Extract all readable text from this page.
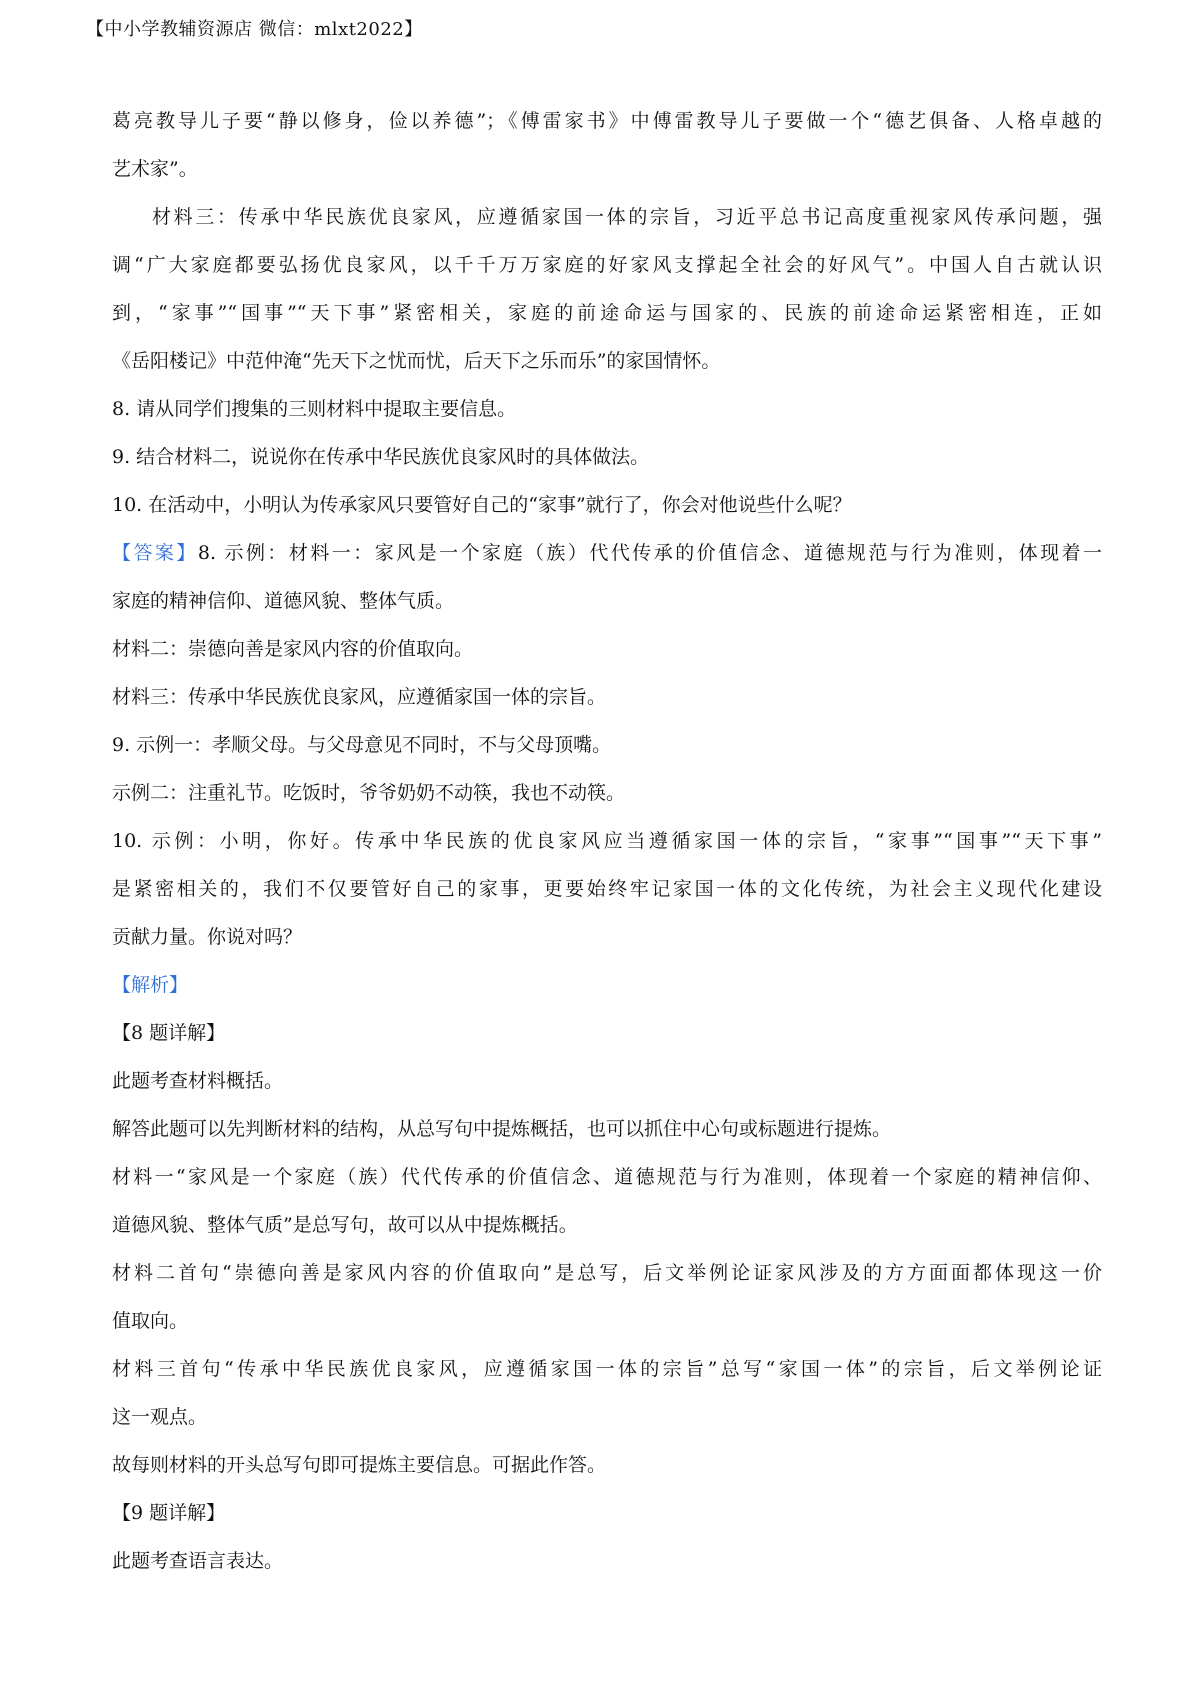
【中小学教辅资源店 微信：mlxt2022】
葛亮教导儿子要“静以修身，俭以养德”；《傅雷家书》中傅雷教导儿子要做一个“德艺俱备、人格卓越的
艺术家”。
材料三：传承中华民族优良家风，应遵循家国一体的宗旨，习近平总书记高度重视家风传承问题，强
调“广大家庭都要弘扬优良家风，以千千万万家庭的好家风支撑起全社会的好风气”。中国人自古就认识
到，“家事”“国事”“天下事”紧密相关，家庭的前途命运与国家的、民族的前途命运紧密相连，正如
《岳阳楼记》中范仲淹“先天下之忧而忧，后天下之乐而乐”的家国情怀。
8. 请从同学们搜集的三则材料中提取主要信息。
9. 结合材料二，说说你在传承中华民族优良家风时的具体做法。
10. 在活动中，小明认为传承家风只要管好自己的“家事”就行了，你会对他说些什么呢？
【答案】8. 示例：材料一：家风是一个家庭（族）代代传承的价值信念、道德规范与行为准则，体现着一
家庭的精神信仰、道德风貌、整体气质。
材料二：崇德向善是家风内容的价值取向。
材料三：传承中华民族优良家风，应遵循家国一体的宗旨。
9. 示例一：孝顺父母。与父母意见不同时，不与父母顶嘴。
示例二：注重礼节。吃饭时，爷爷奶奶不动筷，我也不动筷。
10. 示例：小明，你好。传承中华民族的优良家风应当遵循家国一体的宗旨，“家事”“国事”“天下事”
是紧密相关的，我们不仅要管好自己的家事，更要始终牢记家国一体的文化传统，为社会主义现代化建设
贡献力量。你说对吗？
【解析】
【8 题详解】
此题考查材料概括。
解答此题可以先判断材料的结构，从总写句中提炼概括，也可以抓住中心句或标题进行提炼。
材料一“家风是一个家庭（族）代代传承的价值信念、道德规范与行为准则，体现着一个家庭的精神信仰、
道德风貌、整体气质”是总写句，故可以从中提炼概括。
材料二首句“崇德向善是家风内容的价值取向”是总写，后文举例论证家风涉及的方方面面都体现这一价
值取向。
材料三首句“传承中华民族优良家风，应遵循家国一体的宗旨”总写“家国一体”的宗旨，后文举例论证
这一观点。
故每则材料的开头总写句即可提炼主要信息。可据此作答。
【9 题详解】
此题考查语言表达。
